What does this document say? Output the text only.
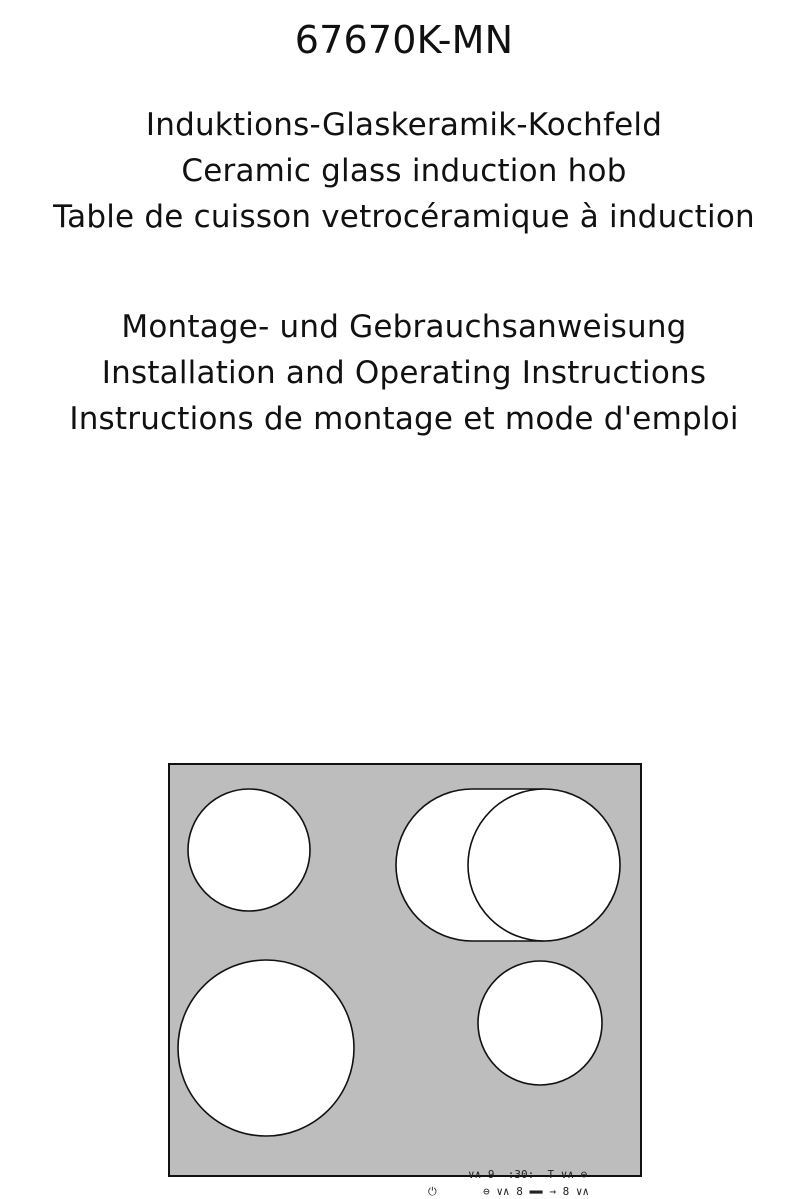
67670K-MN
Induktions-Glaskeramik-Kochfeld
Ceramic glass induction hob
Table de cuisson vetrocéramique à induction
Montage- und Gebrauchsanweisung
Installation and Operating Instructions
Instructions de montage et mode d'emploi
∨∧ 9 :30: T ∨∧ ⊖
⏻	⊖ ∨∧ 8 ▬▬ → 8 ∨∧
